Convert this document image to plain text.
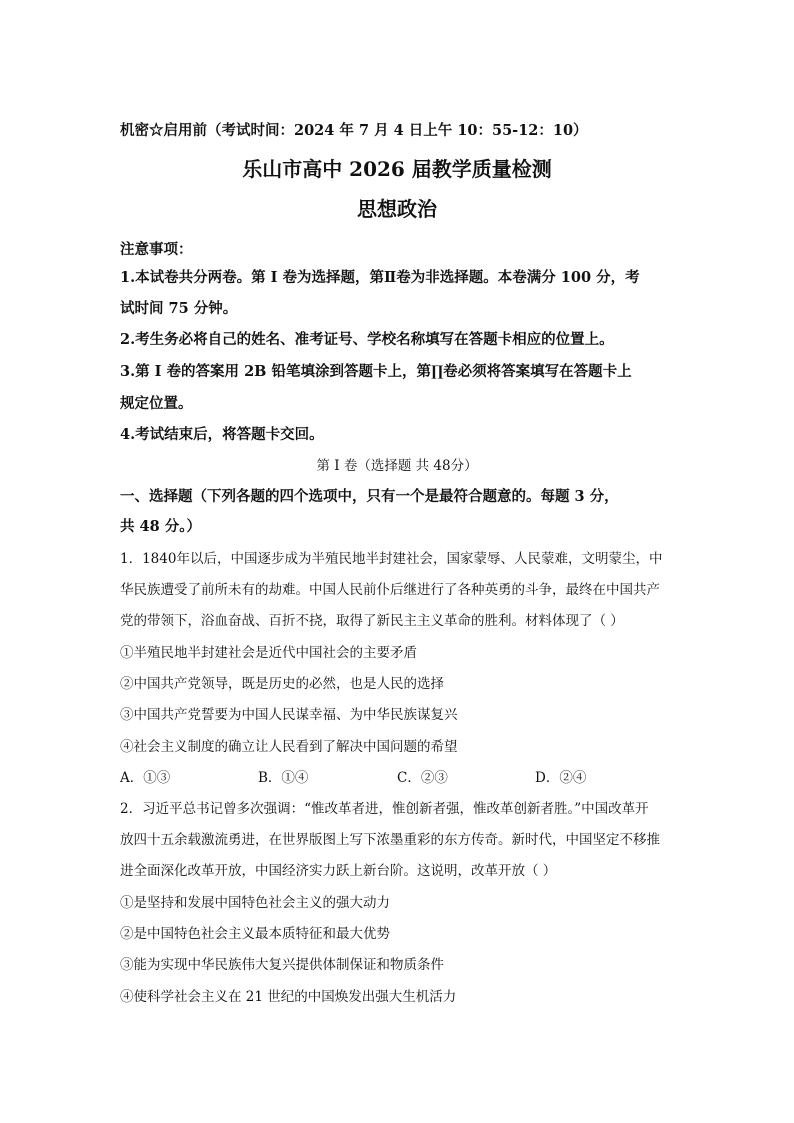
机密☆启用前（考试时间：2024 年 7 月 4 日上午 10：55-12：10）
乐山市高中 2026 届教学质量检测
思想政治
注意事项：
1.本试卷共分两卷。第 I 卷为选择题，第Ⅱ卷为非选择题。本卷满分 100 分，考
试时间 75 分钟。
2.考生务必将自己的姓名、准考证号、学校名称填写在答题卡相应的位置上。
3.第 I 卷的答案用 2B 铅笔填涂到答题卡上，第∏卷必须将答案填写在答题卡上
规定位置。
4.考试结束后，将答题卡交回。
第 I 卷（选择题 共 48分）
一、选择题（下列各题的四个选项中，只有一个是最符合题意的。每题 3 分，
共 48 分。）
1．1840年以后，中国逐步成为半殖民地半封建社会，国家蒙辱、人民蒙难，文明蒙尘，中
华民族遭受了前所未有的劫难。中国人民前仆后继进行了各种英勇的斗争，最终在中国共产
党的带领下，浴血奋战、百折不挠，取得了新民主主义革命的胜利。材料体现了（ ）
①半殖民地半封建社会是近代中国社会的主要矛盾
②中国共产党领导，既是历史的必然，也是人民的选择
③中国共产党誓要为中国人民谋幸福、为中华民族谋复兴
④社会主义制度的确立让人民看到了解决中国问题的希望
A．①③	B．①④	C．②③	D．②④
2．习近平总书记曾多次强调：“惟改革者进，惟创新者强，惟改革创新者胜。”中国改革开
放四十五余载激流勇进，在世界版图上写下浓墨重彩的东方传奇。新时代，中国坚定不移推
进全面深化改革开放，中国经济实力跃上新台阶。这说明，改革开放（ ）
①是坚持和发展中国特色社会主义的强大动力
②是中国特色社会主义最本质特征和最大优势
③能为实现中华民族伟大复兴提供体制保证和物质条件
④使科学社会主义在 21 世纪的中国焕发出强大生机活力
